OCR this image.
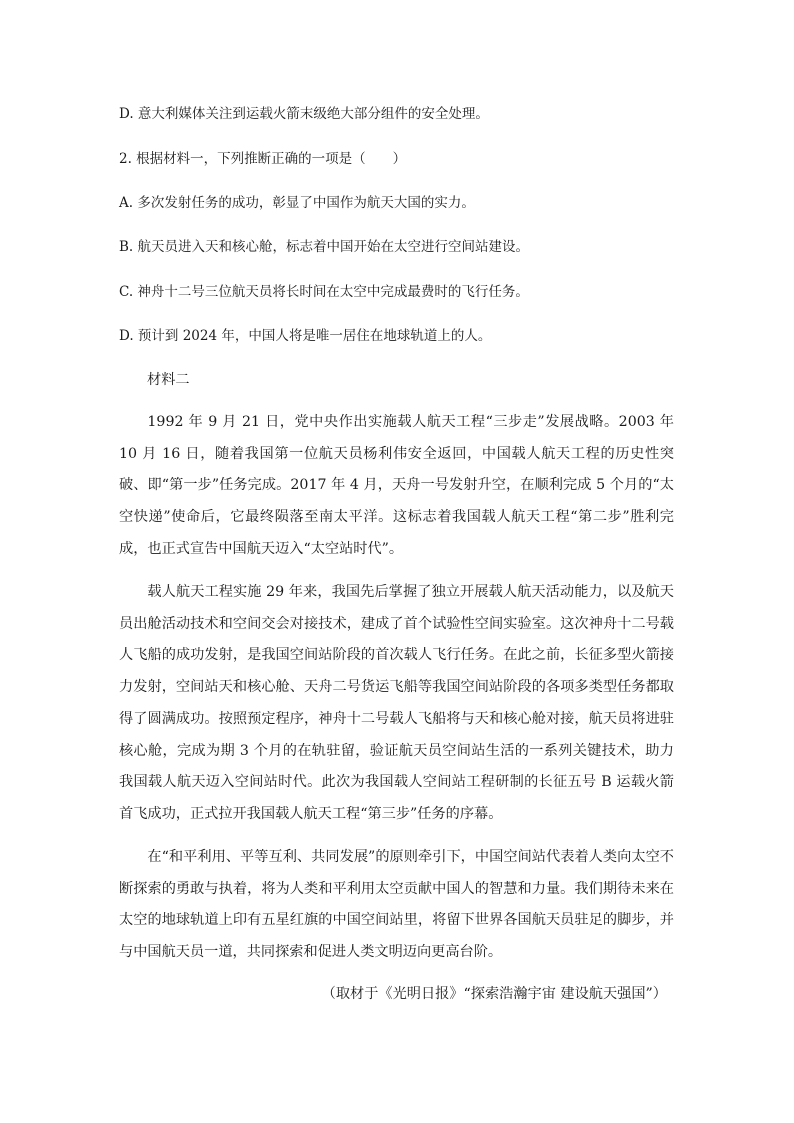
D. 意大利媒体关注到运载火箭末级绝大部分组件的安全处理。
2. 根据材料一，下列推断正确的一项是（　　）
A. 多次发射任务的成功，彰显了中国作为航天大国的实力。
B. 航天员进入天和核心舱，标志着中国开始在太空进行空间站建设。
C. 神舟十二号三位航天员将长时间在太空中完成最费时的飞行任务。
D. 预计到 2024 年，中国人将是唯一居住在地球轨道上的人。
材料二
1992 年 9 月 21 日，党中央作出实施载人航天工程“三步走”发展战略。2003 年 10 月 16 日，随着我国第一位航天员杨利伟安全返回，中国载人航天工程的历史性突破、即“第一步”任务完成。2017 年 4 月，天舟一号发射升空，在顺利完成 5 个月的“太空快递”使命后，它最终陨落至南太平洋。这标志着我国载人航天工程“第二步”胜利完成，也正式宣告中国航天迈入“太空站时代”。
载人航天工程实施 29 年来，我国先后掌握了独立开展载人航天活动能力，以及航天员出舱活动技术和空间交会对接技术，建成了首个试验性空间实验室。这次神舟十二号载人飞船的成功发射，是我国空间站阶段的首次载人飞行任务。在此之前，长征多型火箭接力发射，空间站天和核心舱、天舟二号货运飞船等我国空间站阶段的各项多类型任务都取得了圆满成功。按照预定程序，神舟十二号载人飞船将与天和核心舱对接，航天员将进驻核心舱，完成为期 3 个月的在轨驻留，验证航天员空间站生活的一系列关键技术，助力我国载人航天迈入空间站时代。此次为我国载人空间站工程研制的长征五号 B 运载火箭首飞成功，正式拉开我国载人航天工程“第三步”任务的序幕。
在“和平利用、平等互利、共同发展”的原则牵引下，中国空间站代表着人类向太空不断探索的勇敢与执着，将为人类和平利用太空贡献中国人的智慧和力量。我们期待未来在太空的地球轨道上印有五星红旗的中国空间站里，将留下世界各国航天员驻足的脚步，并与中国航天员一道，共同探索和促进人类文明迈向更高台阶。
（取材于《光明日报》“探索浩瀚宇宙 建设航天强国”）
